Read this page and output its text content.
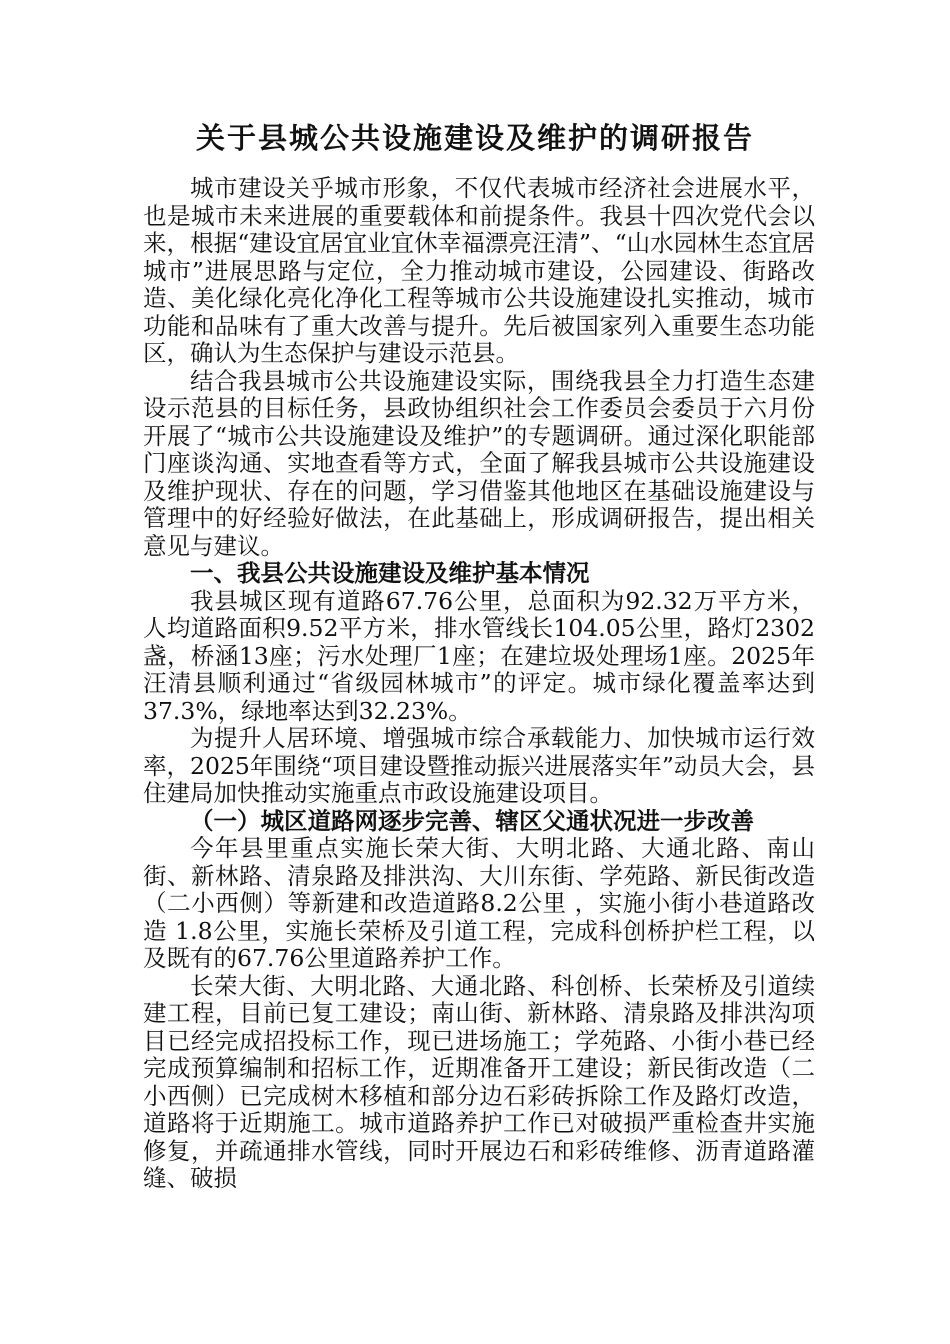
关于县城公共设施建设及维护的调研报告

城市建设关乎城市形象，不仅代表城市经济社会进展水平，也是城市未来进展的重要载体和前提条件。我县十四次党代会以来，根据“建设宜居宜业宜休幸福漂亮汪清”、“山水园林生态宜居城市”进展思路与定位，全力推动城市建设，公园建设、街路改造、美化绿化亮化净化工程等城市公共设施建设扎实推动，城市功能和品味有了重大改善与提升。先后被国家列入重要生态功能区，确认为生态保护与建设示范县。

结合我县城市公共设施建设实际，围绕我县全力打造生态建设示范县的目标任务，县政协组织社会工作委员会委员于六月份开展了“城市公共设施建设及维护”的专题调研。通过深化职能部门座谈沟通、实地查看等方式，全面了解我县城市公共设施建设及维护现状、存在的问题，学习借鉴其他地区在基础设施建设与管理中的好经验好做法，在此基础上，形成调研报告，提出相关意见与建议。

一、我县公共设施建设及维护基本情况

我县城区现有道路67.76公里，总面积为92.32万平方米，人均道路面积9.52平方米，排水管线长104.05公里，路灯2302盏，桥涵13座；污水处理厂1座；在建垃圾处理场1座。2025年汪清县顺利通过“省级园林城市”的评定。城市绿化覆盖率达到37.3%，绿地率达到32.23%。

为提升人居环境、增强城市综合承载能力、加快城市运行效率，2025年围绕“项目建设暨推动振兴进展落实年”动员大会，县住建局加快推动实施重点市政设施建设项目。

（一）城区道路网逐步完善、辖区父通状况进一步改善

今年县里重点实施长荣大街、大明北路、大通北路、南山街、新林路、清泉路及排洪沟、大川东街、学苑路、新民街改造（二小西侧）等新建和改造道路8.2公里 ，实施小街小巷道路改造 1.8公里，实施长荣桥及引道工程，完成科创桥护栏工程，以及既有的67.76公里道路养护工作。

长荣大街、大明北路、大通北路、科创桥、长荣桥及引道续建工程，目前已复工建设；南山街、新林路、清泉路及排洪沟项目已经完成招投标工作，现已进场施工；学苑路、小街小巷已经完成预算编制和招标工作，近期准备开工建设；新民街改造（二小西侧）已完成树木移植和部分边石彩砖拆除工作及路灯改造，道路将于近期施工。城市道路养护工作已对破损严重检查井实施修复，并疏通排水管线，同时开展边石和彩砖维修、沥青道路灌缝、破损
